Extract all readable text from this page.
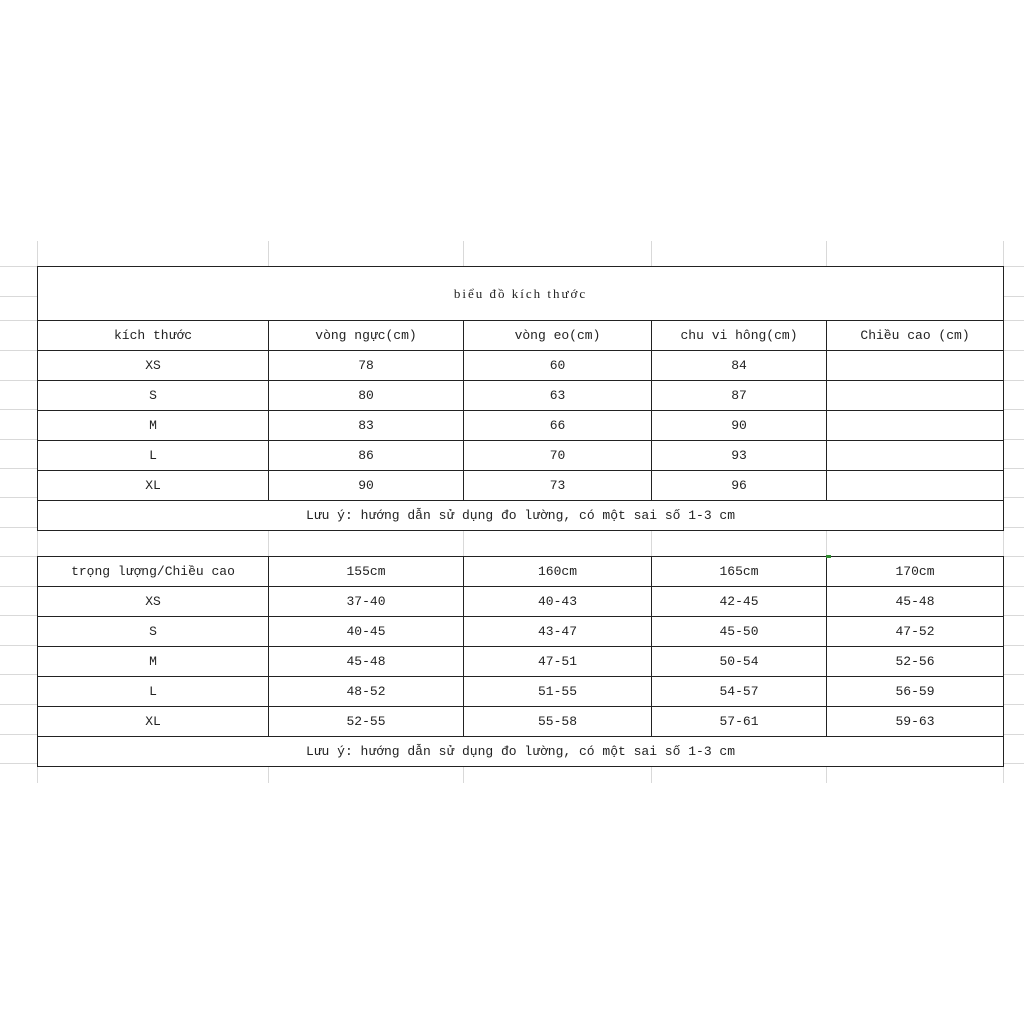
biểu đồ kích thước				
kích thước	vòng ngực(cm)	vòng eo(cm)	chu vi hông(cm)	Chiều cao (cm)
XS	78	60	84	
S	80	63	87	
M	83	66	90	
L	86	70	93	
XL	90	73	96	
Lưu ý: hướng dẫn sử dụng đo lường, có một sai số 1-3 cm				
trọng lượng/Chiều cao	155cm	160cm	165cm	170cm
XS	37-40	40-43	42-45	45-48
S	40-45	43-47	45-50	47-52
M	45-48	47-51	50-54	52-56
L	48-52	51-55	54-57	56-59
XL	52-55	55-58	57-61	59-63
Lưu ý: hướng dẫn sử dụng đo lường, có một sai số 1-3 cm				
